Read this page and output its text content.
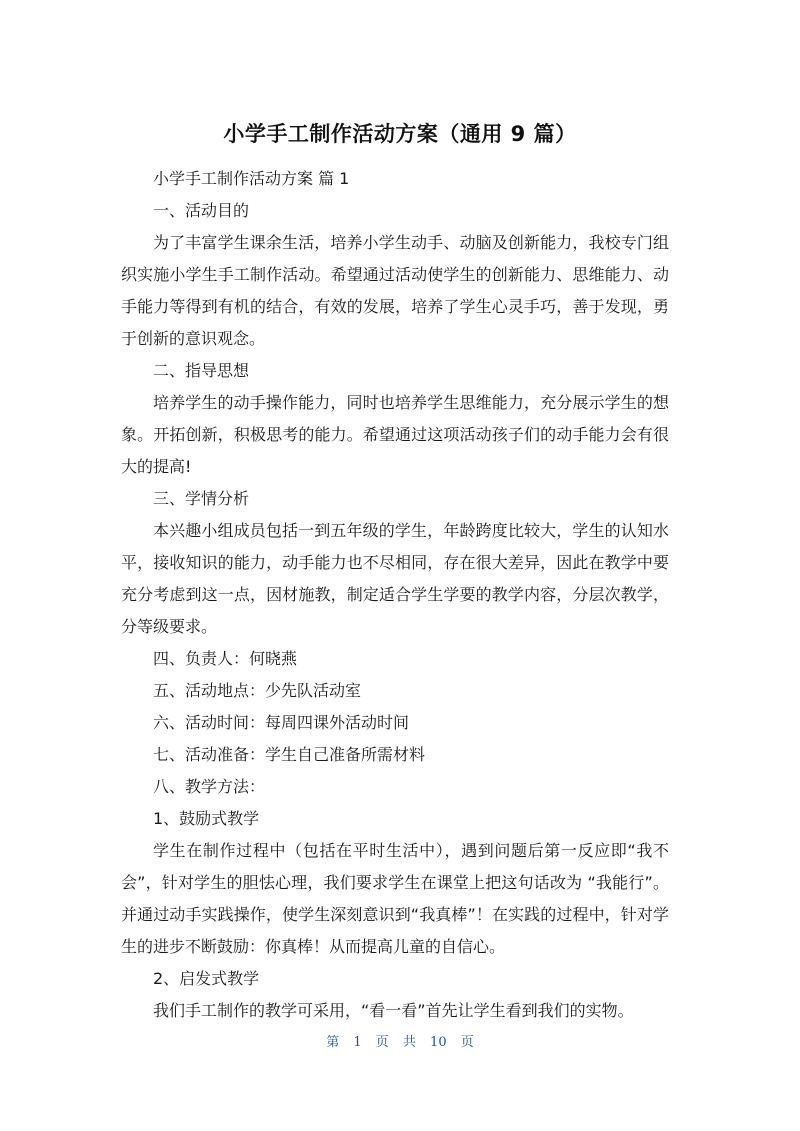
小学手工制作活动方案（通用 9 篇）

小学手工制作活动方案 篇 1

一、活动目的

为了丰富学生课余生活，培养小学生动手、动脑及创新能力，我校专门组织实施小学生手工制作活动。希望通过活动使学生的创新能力、思维能力、动手能力等得到有机的结合，有效的发展，培养了学生心灵手巧，善于发现，勇于创新的意识观念。

二、指导思想

培养学生的动手操作能力，同时也培养学生思维能力，充分展示学生的想象。开拓创新，积极思考的能力。希望通过这项活动孩子们的动手能力会有很大的提高!

三、学情分析

本兴趣小组成员包括一到五年级的学生，年龄跨度比较大，学生的认知水平，接收知识的能力，动手能力也不尽相同，存在很大差异，因此在教学中要充分考虑到这一点，因材施教，制定适合学生学要的教学内容，分层次教学，分等级要求。

四、负责人：何晓燕

五、活动地点：少先队活动室

六、活动时间：每周四课外活动时间

七、活动准备：学生自己准备所需材料

八、教学方法：

1、鼓励式教学

学生在制作过程中（包括在平时生活中），遇到问题后第一反应即“我不会”，针对学生的胆怯心理，我们要求学生在课堂上把这句话改为 “我能行”。并通过动手实践操作，使学生深刻意识到“我真棒”！在实践的过程中，针对学生的进步不断鼓励：你真棒！从而提高儿童的自信心。

2、启发式教学

我们手工制作的教学可采用，“看一看”首先让学生看到我们的实物。

第 1 页 共 10 页
